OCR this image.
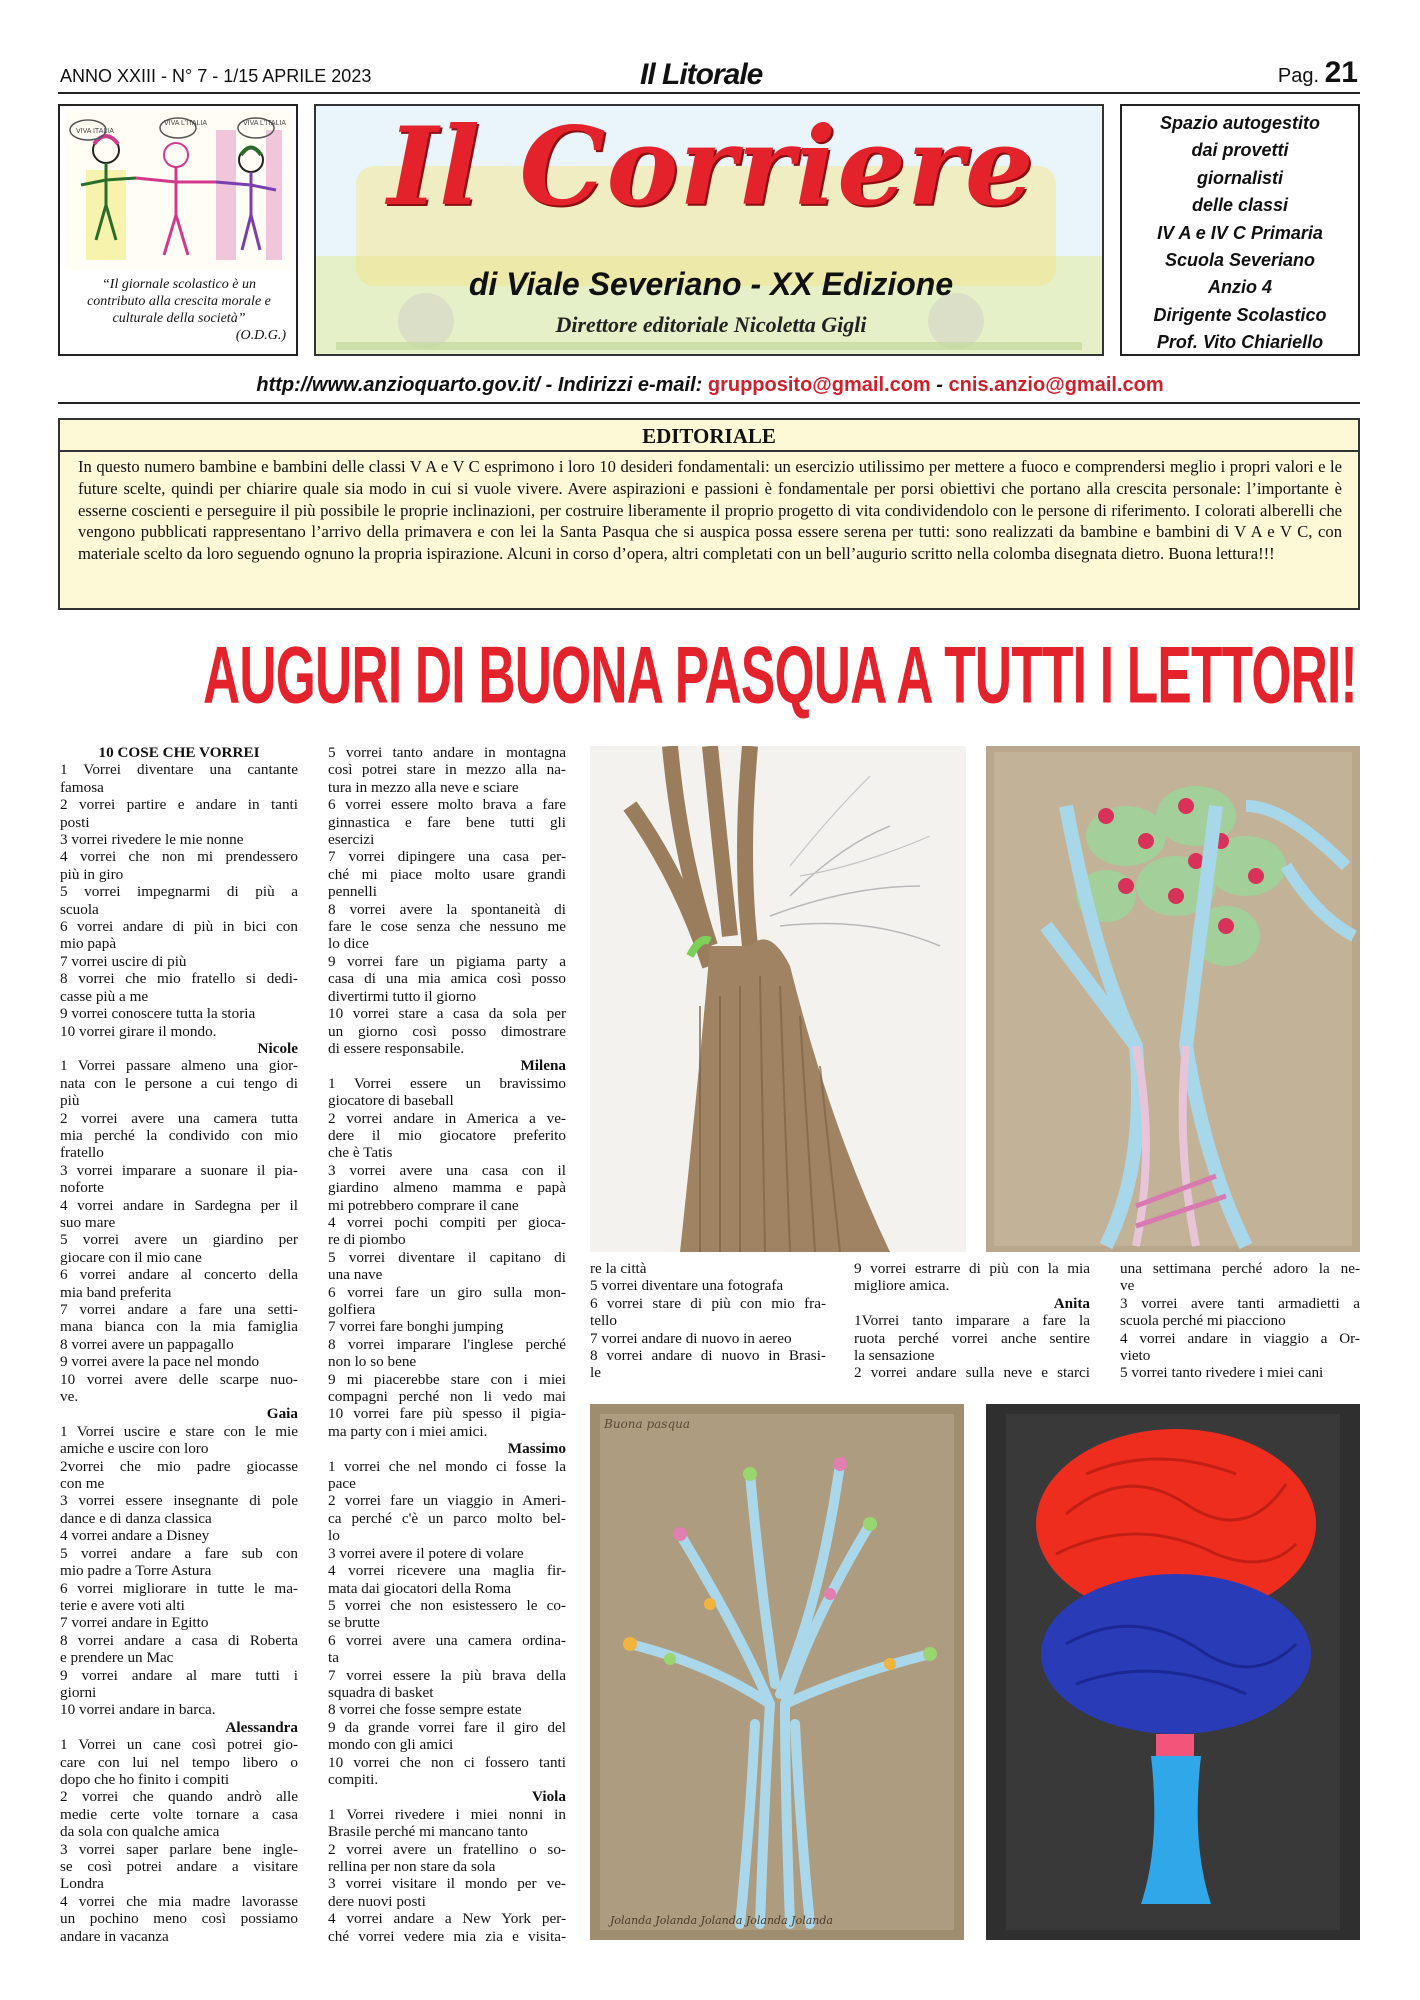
ANNO XXIII - N° 7 - 1/15 APRILE 2023	Il Litorale	Pag. 21
VIVA ITALIA
VIVA L'ITALIA	VIVA L'ITALIA
“Il giornale scolastico è un contributo alla crescita morale e culturale della società”
(O.D.G.)
Il Corriere
di Viale Severiano - XX Edizione
Direttore editoriale Nicoletta Gigli
Spazio autogestito
dai provetti
giornalisti
delle classi
IV A e IV C Primaria
Scuola Severiano
Anzio 4
Dirigente Scolastico
Prof. Vito Chiariello
http://www.anzioquarto.gov.it/ - Indirizzi e-mail: grupposito@gmail.com - cnis.anzio@gmail.com
EDITORIALE
In questo numero bambine e bambini delle classi V A e V C esprimono i loro 10 desideri fondamentali: un esercizio utilissimo per mettere a fuoco e comprendersi meglio i propri valori e le future scelte, quindi per chiarire quale sia modo in cui si vuole vivere. Avere aspirazioni e passioni è fondamentale per porsi obiettivi che portano alla crescita personale: l’importante è esserne coscienti e perseguire il più possibile le proprie inclinazioni, per costruire liberamente il proprio progetto di vita condividendolo con le persone di riferimento. I colorati alberelli che vengono pubblicati rappresentano l’arrivo della primavera e con lei la Santa Pasqua che si auspica possa essere serena per tutti: sono realizzati da bambine e bambini di V A e V C, con materiale scelto da loro seguendo ognuno la propria ispirazione. Alcuni in corso d’opera, altri completati con un bell’augurio scritto nella colomba disegnata dietro. Buona lettura!!!
AUGURI DI BUONA PASQUA A TUTTI I LETTORI!
10 COSE CHE VORREI
1 Vorrei diventare una cantante
famosa
2 vorrei partire e andare in tanti
posti
3 vorrei rivedere le mie nonne
4 vorrei che non mi prendessero
più in giro
5 vorrei impegnarmi di più a
scuola
6 vorrei andare di più in bici con
mio papà
7 vorrei uscire di più
8 vorrei che mio fratello si dedi-
casse più a me
9 vorrei conoscere tutta la storia
10 vorrei girare il mondo.
Nicole
1 Vorrei passare almeno una gior-
nata con le persone a cui tengo di
più
2 vorrei avere una camera tutta
mia perché la condivido con mio
fratello
3 vorrei imparare a suonare il pia-
noforte
4 vorrei andare in Sardegna per il
suo mare
5 vorrei avere un giardino per
giocare con il mio cane
6 vorrei andare al concerto della
mia band preferita
7 vorrei andare a fare una setti-
mana bianca con la mia famiglia
8 vorrei avere un pappagallo
9 vorrei avere la pace nel mondo
10 vorrei avere delle scarpe nuo-
ve.
Gaia
1 Vorrei uscire e stare con le mie
amiche e uscire con loro
2vorrei che mio padre giocasse
con me
3 vorrei essere insegnante di pole
dance e di danza classica
4 vorrei andare a Disney
5 vorrei andare a fare sub con
mio padre a Torre Astura
6 vorrei migliorare in tutte le ma-
terie e avere voti alti
7 vorrei andare in Egitto
8 vorrei andare a casa di Roberta
e prendere un Mac
9 vorrei andare al mare tutti i
giorni
10 vorrei andare in barca.
Alessandra
1 Vorrei un cane così potrei gio-
care con lui nel tempo libero o
dopo che ho finito i compiti
2 vorrei che quando andrò alle
medie certe volte tornare a casa
da sola con qualche amica
3 vorrei saper parlare bene ingle-
se così potrei andare a visitare
Londra
4 vorrei che mia madre lavorasse
un pochino meno così possiamo
andare in vacanza
5 vorrei tanto andare in montagna
così potrei stare in mezzo alla na-
tura in mezzo alla neve e sciare
6 vorrei essere molto brava a fare
ginnastica e fare bene tutti gli
esercizi
7 vorrei dipingere una casa per-
ché mi piace molto usare grandi
pennelli
8 vorrei avere la spontaneità di
fare le cose senza che nessuno me
lo dice
9 vorrei fare un pigiama party a
casa di una mia amica così posso
divertirmi tutto il giorno
10 vorrei stare a casa da sola per
un giorno così posso dimostrare
di essere responsabile.
Milena
1 Vorrei essere un bravissimo
giocatore di baseball
2 vorrei andare in America a ve-
dere il mio giocatore preferito
che è Tatis
3 vorrei avere una casa con il
giardino almeno mamma e papà
mi potrebbero comprare il cane
4 vorrei pochi compiti per gioca-
re di piombo
5 vorrei diventare il capitano di
una nave
6 vorrei fare un giro sulla mon-
golfiera
7 vorrei fare bonghi jumping
8 vorrei imparare l'inglese perché
non lo so bene
9 mi piacerebbe stare con i miei
compagni perché non li vedo mai
10 vorrei fare più spesso il pigia-
ma party con i miei amici.
Massimo
1 vorrei che nel mondo ci fosse la
pace
2 vorrei fare un viaggio in Ameri-
ca perché c'è un parco molto bel-
lo
3 vorrei avere il potere di volare
4 vorrei ricevere una maglia fir-
mata dai giocatori della Roma
5 vorrei che non esistessero le co-
se brutte
6 vorrei avere una camera ordina-
ta
7 vorrei essere la più brava della
squadra di basket
8 vorrei che fosse sempre estate
9 da grande vorrei fare il giro del
mondo con gli amici
10 vorrei che non ci fossero tanti
compiti.
Viola
1 Vorrei rivedere i miei nonni in
Brasile perché mi mancano tanto
2 vorrei avere un fratellino o so-
rellina per non stare da sola
3 vorrei visitare il mondo per ve-
dere nuovi posti
4 vorrei andare a New York per-
ché vorrei vedere mia zia e visita-
re la città
5 vorrei diventare una fotografa
6 vorrei stare di più con mio fra-
tello
7 vorrei andare di nuovo in aereo
8 vorrei andare di nuovo in Brasi-
le
9 vorrei estrarre di più con la mia
migliore amica.
Anita
1Vorrei tanto imparare a fare la
ruota perché vorrei anche sentire
la sensazione
2 vorrei andare sulla neve e starci
una settimana perché adoro la ne-
ve
3 vorrei avere tanti armadietti a
scuola perché mi piacciono
4 vorrei andare in viaggio a Or-
vieto
5 vorrei tanto rivedere i miei cani
Buona pasqua
Jolanda Jolanda Jolanda Jolanda Jolanda
